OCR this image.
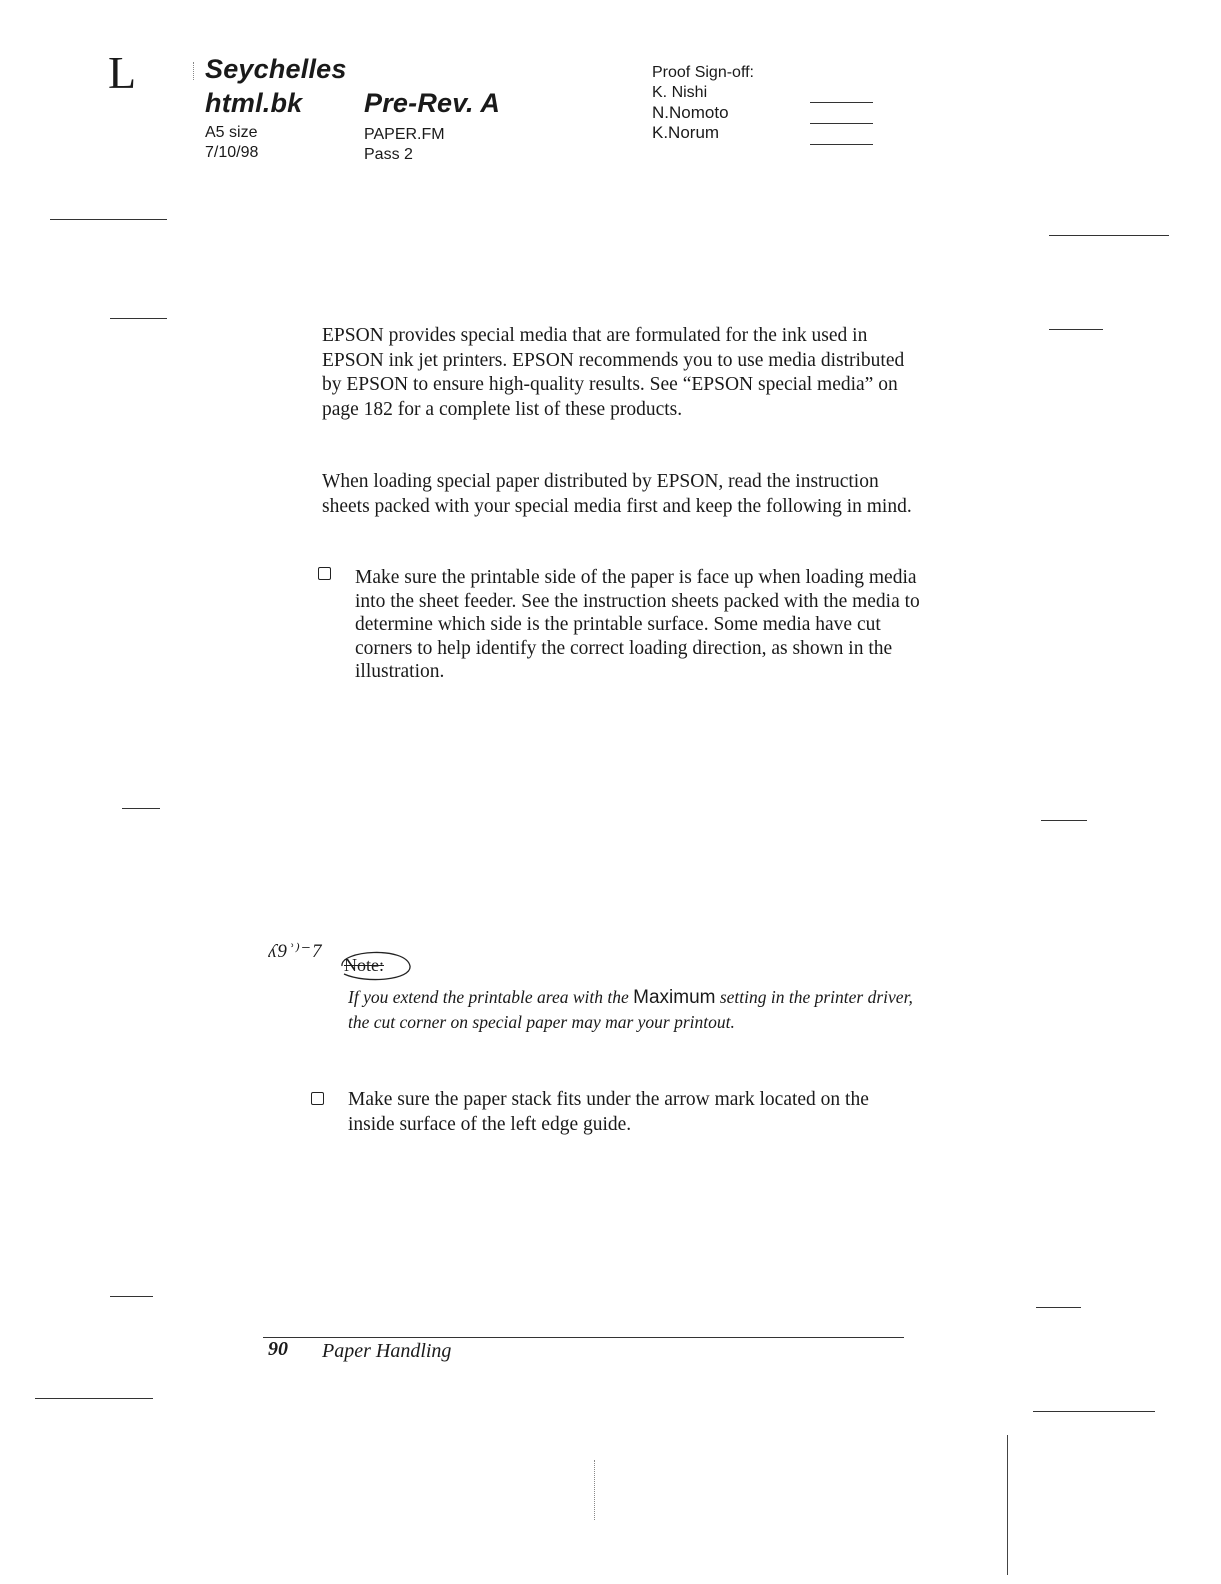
L	Seychelles
html.bk Pre-Rev. A
A5 size
7/10/98
PAPER.FM
Pass 2
Proof Sign-off:
K. Nishi
N.Nomoto
K.Norum

EPSON provides special media that are formulated for the ink used in EPSON ink jet printers. EPSON recommends you to use media distributed by EPSON to ensure high-quality results. See “EPSON special media” on page 182 for a complete list of these products.

When loading special paper distributed by EPSON, read the instruction sheets packed with your special media first and keep the following in mind.

Make sure the printable side of the paper is face up when loading media into the sheet feeder. See the instruction sheets packed with the media to determine which side is the printable surface. Some media have cut corners to help identify the correct loading direction, as shown in the illustration.

ʎ9ʾ⁾⁻7
Note:

If you extend the printable area with the Maximum setting in the printer driver, the cut corner on special paper may mar your printout.

Make sure the paper stack fits under the arrow mark located on the inside surface of the left edge guide.

90 Paper Handling
